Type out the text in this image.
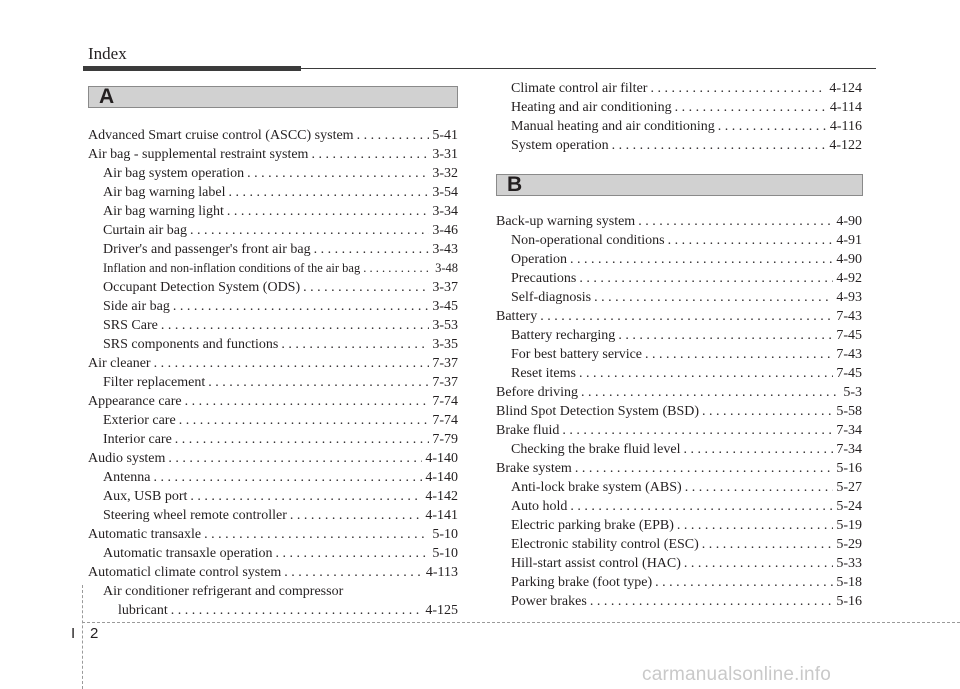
Index
A
Advanced Smart cruise control (ASCC) system . . .	5-41
Air bag - supplemental restraint system . . .	3-31
Air bag system operation . . .	3-32
Air bag warning label . . .	3-54
Air bag warning light . . .	3-34
Curtain air bag . . .	3-46
Driver's and passenger's front air bag . . .	3-43
Inflation and non-inflation conditions of the air bag . . .	3-48
Occupant Detection System (ODS) . . .	3-37
Side air bag . . .	3-45
SRS Care . . .	3-53
SRS components and functions . . .	3-35
Air cleaner . . .	7-37
Filter replacement . . .	7-37
Appearance care . . .	7-74
Exterior care . . .	7-74
Interior care . . .	7-79
Audio system . . .	4-140
Antenna . . .	4-140
Aux, USB port . . .	4-142
Steering wheel remote controller . . .	4-141
Automatic transaxle . . .	5-10
Automatic transaxle operation . . .	5-10
Automaticl climate control system . . .	4-113
Air conditioner refrigerant and compressor
lubricant . . .	4-125
Climate control air filter . . .	4-124
Heating and air conditioning . . .	4-114
Manual heating and air conditioning . . .	4-116
System operation . . .	4-122
B
Back-up warning system . . .	4-90
Non-operational conditions . . .	4-91
Operation . . .	4-90
Precautions . . .	4-92
Self-diagnosis . . .	4-93
Battery . . .	7-43
Battery recharging . . .	7-45
For best battery service . . .	7-43
Reset items . . .	7-45
Before driving . . .	5-3
Blind Spot Detection System (BSD) . . .	5-58
Brake fluid . . .	7-34
Checking the brake fluid level . . .	7-34
Brake system . . .	5-16
Anti-lock brake system (ABS) . . .	5-27
Auto hold . . .	5-24
Electric parking brake (EPB) . . .	5-19
Electronic stability control (ESC) . . .	5-29
Hill-start assist control (HAC) . . .	5-33
Parking brake (foot type) . . .	5-18
Power brakes . . .	5-16
I 2
carmanualsonline.info
